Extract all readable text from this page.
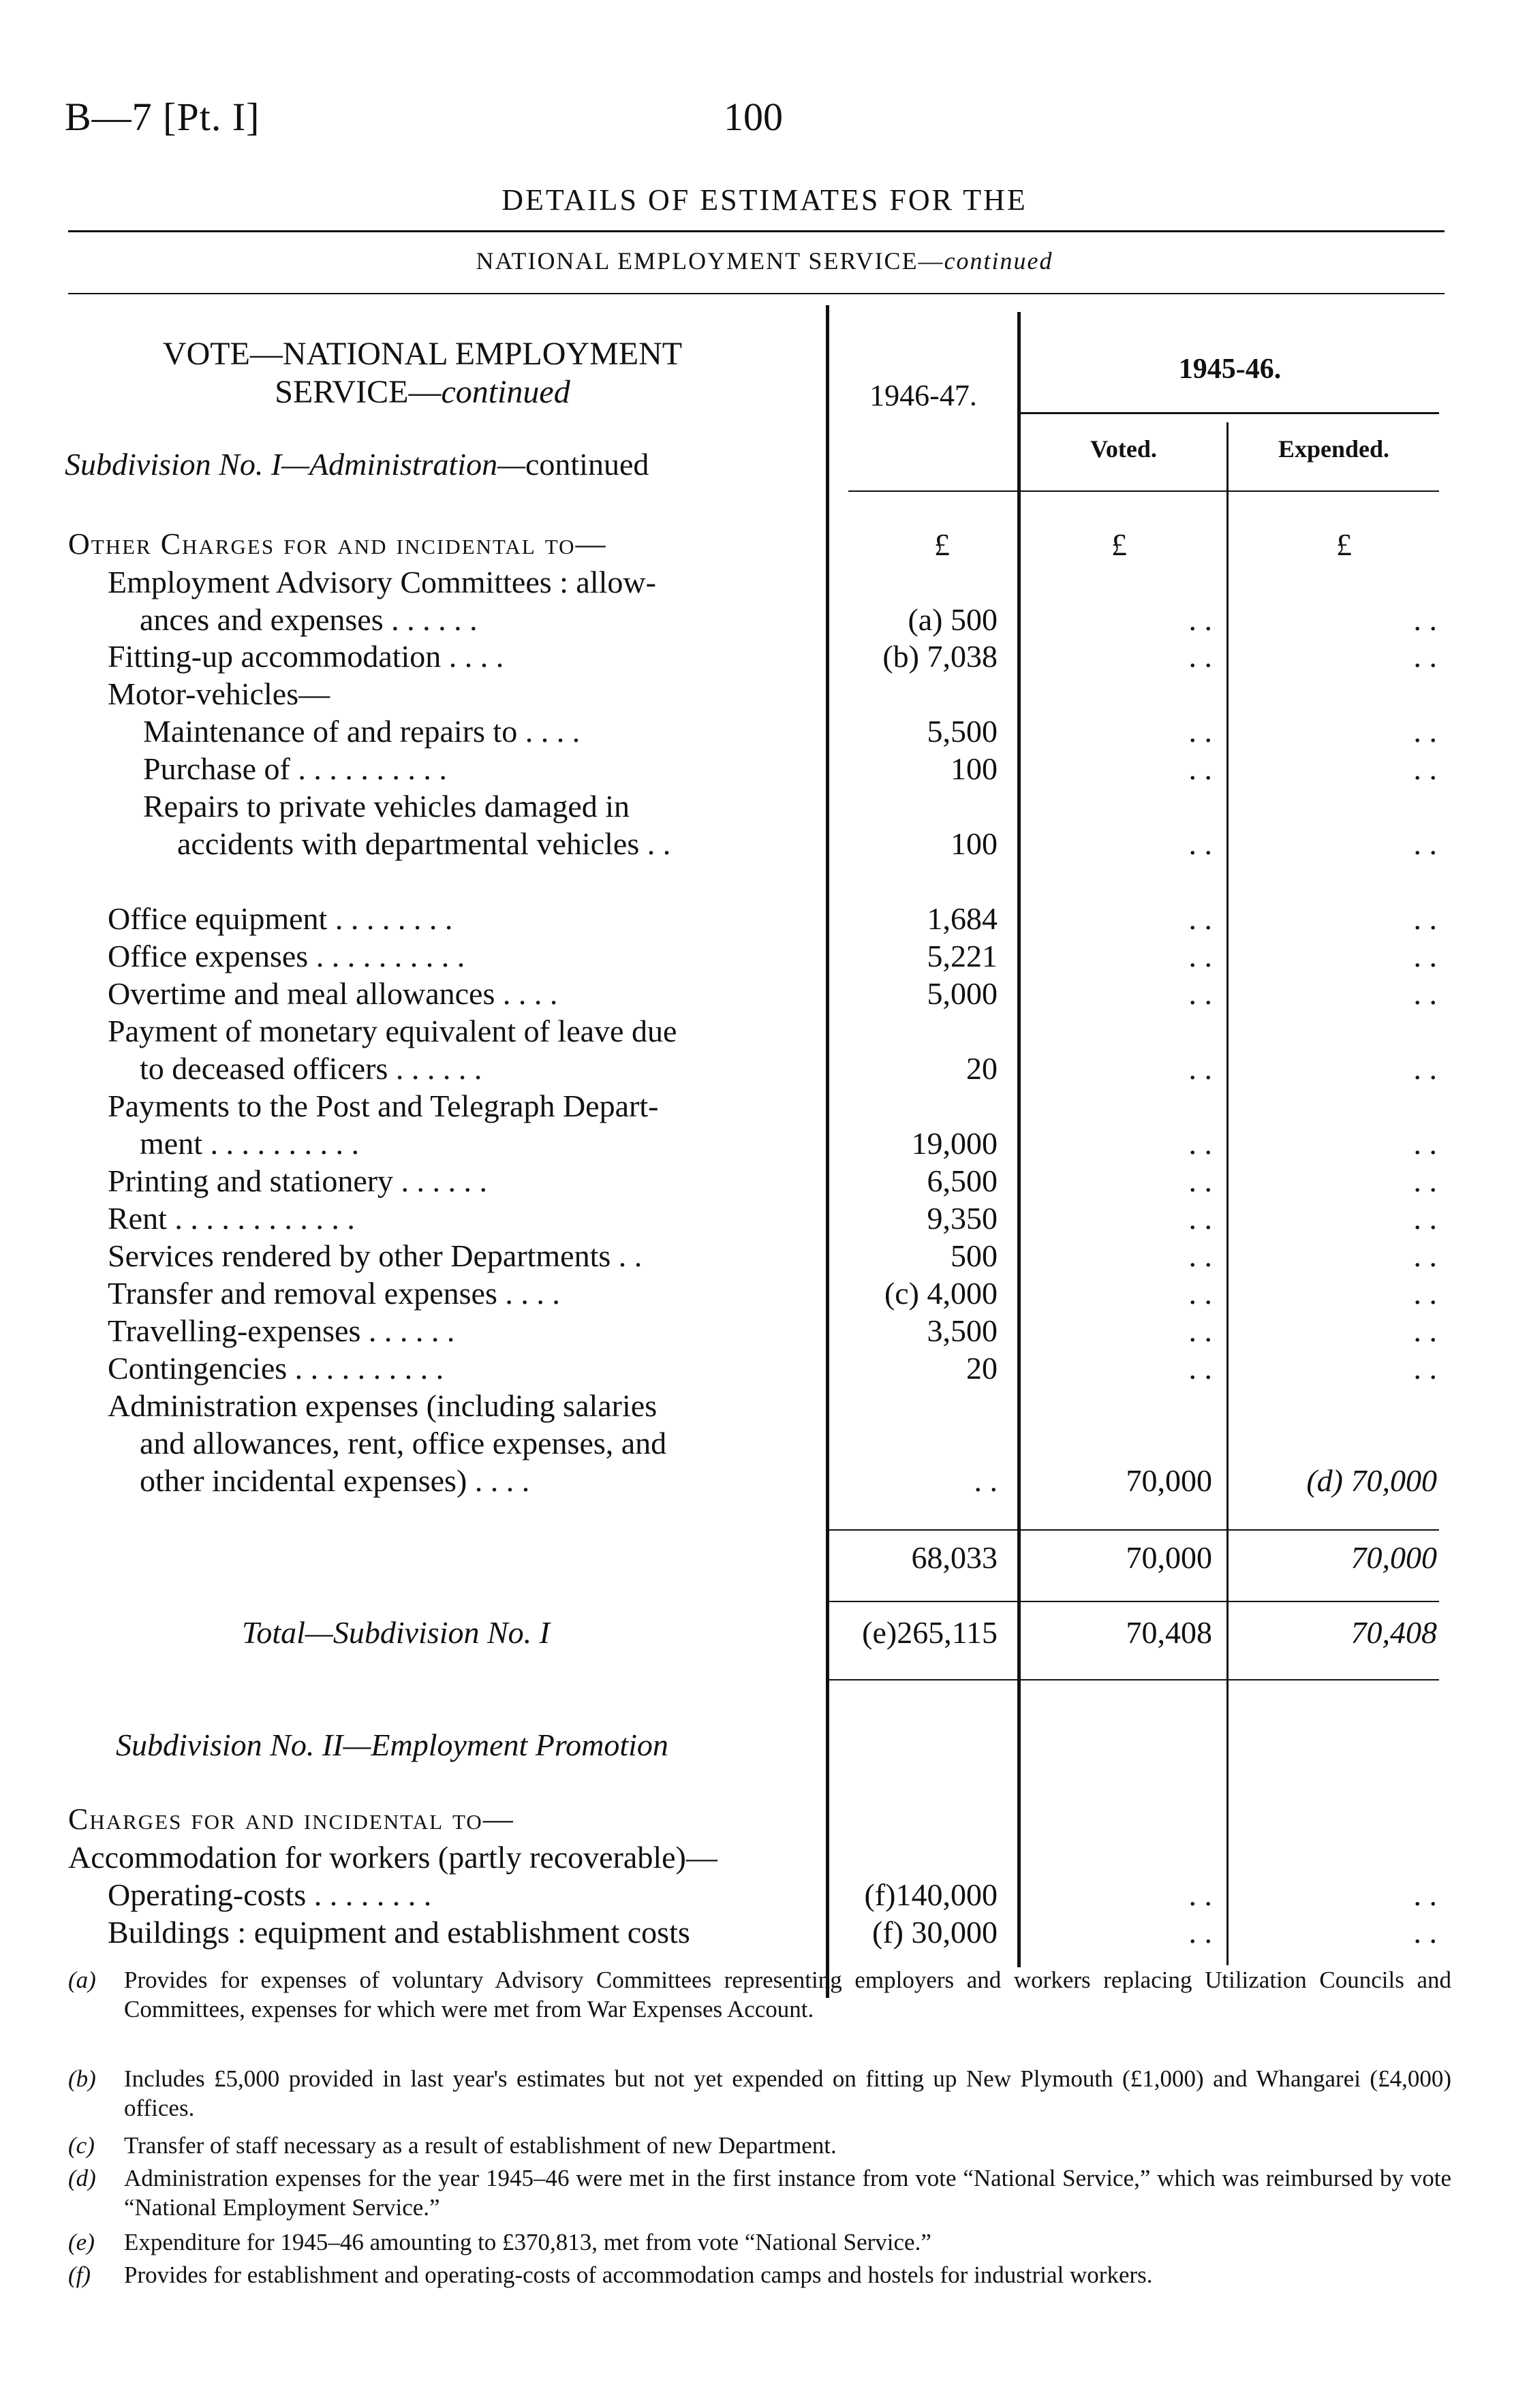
B—7 [Pt. I]	100
DETAILS OF ESTIMATES FOR THE
NATIONAL EMPLOYMENT SERVICE—continued
VOTE—NATIONAL EMPLOYMENT
SERVICE—continued
Subdivision No. I—Administration—continued
1946-47.
1945-46.
Voted.	Expended.
£	£	£
Other Charges for and incidental to—
Employment Advisory Committees : allow-
ances and expenses . . . . . .	(a) 500	. .	. .
Fitting-up accommodation . . . .	(b) 7,038	. .	. .
Motor-vehicles—
Maintenance of and repairs to . . . .	5,500	. .	. .
Purchase of . . . . . . . . . .	100	. .	. .
Repairs to private vehicles damaged in
accidents with departmental vehicles . .	100	. .	. .
Office equipment . . . . . . . .	1,684	. .	. .
Office expenses . . . . . . . . . .	5,221	. .	. .
Overtime and meal allowances . . . .	5,000	. .	. .
Payment of monetary equivalent of leave due
to deceased officers . . . . . .	20	. .	. .
Payments to the Post and Telegraph Depart-
ment . . . . . . . . . .	19,000	. .	. .
Printing and stationery . . . . . .	6,500	. .	. .
Rent . . . . . . . . . . . .	9,350	. .	. .
Services rendered by other Departments . .	500	. .	. .
Transfer and removal expenses . . . .	(c) 4,000	. .	. .
Travelling-expenses . . . . . .	3,500	. .	. .
Contingencies . . . . . . . . . .	20	. .	. .
Administration expenses (including salaries
and allowances, rent, office expenses, and
other incidental expenses) . . . .	. .	70,000	(d) 70,000
68,033	70,000	70,000
Total—Subdivision No. I	(e)265,115	70,408	70,408
Subdivision No. II—Employment Promotion
Charges for and incidental to—
Accommodation for workers (partly recoverable)—
Operating-costs . . . . . . . .	(f)140,000	. .	. .
Buildings : equipment and establishment costs	(f) 30,000	. .	. .
(a) Provides for expenses of voluntary Advisory Committees representing employers and workers replacing Utilization Councils and Committees, expenses for which were met from War Expenses Account.
(b) Includes £5,000 provided in last year's estimates but not yet expended on fitting up New Plymouth (£1,000) and Whangarei (£4,000) offices.
(c) Transfer of staff necessary as a result of establishment of new Department.
(d) Administration expenses for the year 1945–46 were met in the first instance from vote “National Service,” which was reimbursed by vote “National Employment Service.”
(e) Expenditure for 1945–46 amounting to £370,813, met from vote “National Service.”
(f) Provides for establishment and operating-costs of accommodation camps and hostels for industrial workers.
